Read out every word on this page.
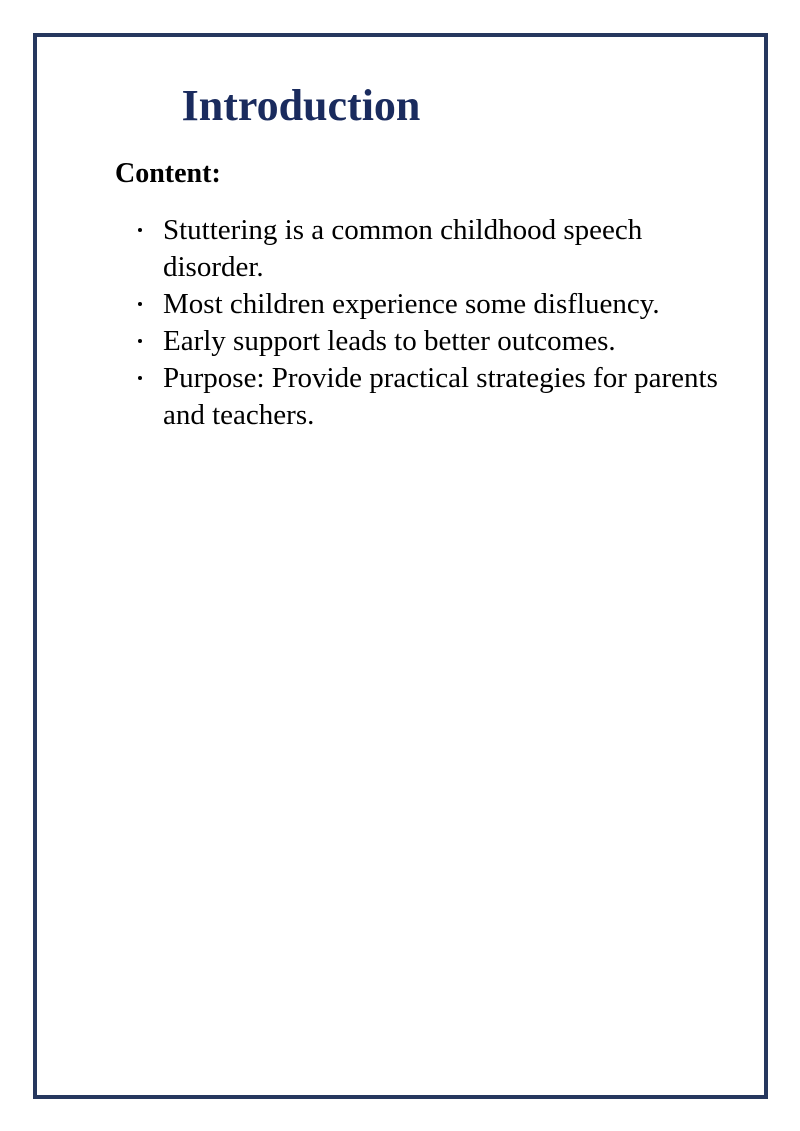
Introduction
Content:
Stuttering is a common childhood speech disorder.
Most children experience some disfluency.
Early support leads to better outcomes.
Purpose: Provide practical strategies for parents and teachers.
